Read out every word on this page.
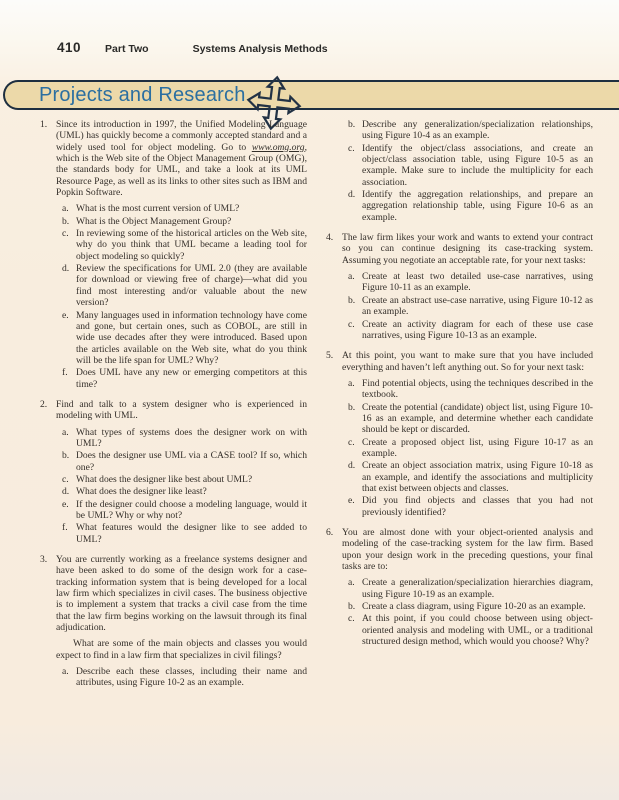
410 Part Two	Systems Analysis Methods
Projects and Research
1. Since its introduction in 1997, the Unified Modeling Language (UML) has quickly become a commonly accepted standard and a widely used tool for object modeling. Go to www.omg.org, which is the Web site of the Object Management Group (OMG), the standards body for UML, and take a look at its UML Resource Page, as well as its links to other sites such as IBM and Popkin Software.
a. What is the most current version of UML?
b. What is the Object Management Group?
c. In reviewing some of the historical articles on the Web site, why do you think that UML became a leading tool for object modeling so quickly?
d. Review the specifications for UML 2.0 (they are available for download or viewing free of charge)—what did you find most interesting and/or valuable about the new version?
e. Many languages used in information technology have come and gone, but certain ones, such as COBOL, are still in wide use decades after they were introduced. Based upon the articles available on the Web site, what do you think will be the life span for UML? Why?
f. Does UML have any new or emerging competitors at this time?
2. Find and talk to a system designer who is experienced in modeling with UML.
a. What types of systems does the designer work on with UML?
b. Does the designer use UML via a CASE tool? If so, which one?
c. What does the designer like best about UML?
d. What does the designer like least?
e. If the designer could choose a modeling language, would it be UML? Why or why not?
f. What features would the designer like to see added to UML?
3. You are currently working as a freelance systems designer and have been asked to do some of the design work for a case-tracking information system that is being developed for a local law firm which specializes in civil cases. The business objective is to implement a system that tracks a civil case from the time that the law firm begins working on the lawsuit through its final adjudication.
What are some of the main objects and classes you would expect to find in a law firm that specializes in civil filings?
a. Describe each these classes, including their name and attributes, using Figure 10-2 as an example.
b. Describe any generalization/specialization relationships, using Figure 10-4 as an example.
c. Identify the object/class associations, and create an object/class association table, using Figure 10-5 as an example. Make sure to include the multiplicity for each association.
d. Identify the aggregation relationships, and prepare an aggregation relationship table, using Figure 10-6 as an example.
4. The law firm likes your work and wants to extend your contract so you can continue designing its case-tracking system. Assuming you negotiate an acceptable rate, for your next tasks:
a. Create at least two detailed use-case narratives, using Figure 10-11 as an example.
b. Create an abstract use-case narrative, using Figure 10-12 as an example.
c. Create an activity diagram for each of these use case narratives, using Figure 10-13 as an example.
5. At this point, you want to make sure that you have included everything and haven’t left anything out. So for your next task:
a. Find potential objects, using the techniques described in the textbook.
b. Create the potential (candidate) object list, using Figure 10-16 as an example, and determine whether each candidate should be kept or discarded.
c. Create a proposed object list, using Figure 10-17 as an example.
d. Create an object association matrix, using Figure 10-18 as an example, and identify the associations and multiplicity that exist between objects and classes.
e. Did you find objects and classes that you had not previously identified?
6. You are almost done with your object-oriented analysis and modeling of the case-tracking system for the law firm. Based upon your design work in the preceding questions, your final tasks are to:
a. Create a generalization/specialization hierarchies diagram, using Figure 10-19 as an example.
b. Create a class diagram, using Figure 10-20 as an example.
c. At this point, if you could choose between using object-oriented analysis and modeling with UML, or a traditional structured design method, which would you choose? Why?
